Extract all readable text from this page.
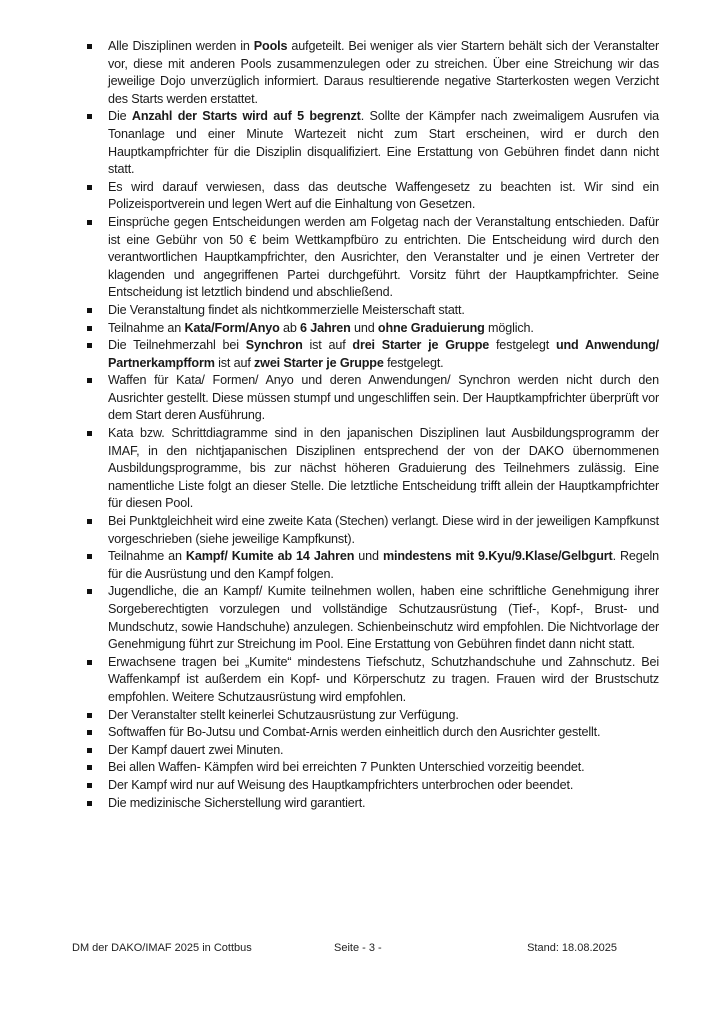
Alle Disziplinen werden in Pools aufgeteilt. Bei weniger als vier Startern behält sich der Veranstalter vor, diese mit anderen Pools zusammenzulegen oder zu streichen. Über eine Streichung wir das jeweilige Dojo unverzüglich informiert. Daraus resultierende negative Starterkosten wegen Verzicht des Starts werden erstattet.
Die Anzahl der Starts wird auf 5 begrenzt. Sollte der Kämpfer nach zweimaligem Ausrufen via Tonanlage und einer Minute Wartezeit nicht zum Start erscheinen, wird er durch den Hauptkampfrichter für die Disziplin disqualifiziert. Eine Erstattung von Gebühren findet dann nicht statt.
Es wird darauf verwiesen, dass das deutsche Waffengesetz zu beachten ist. Wir sind ein Polizeisportverein und legen Wert auf die Einhaltung von Gesetzen.
Einsprüche gegen Entscheidungen werden am Folgetag nach der Veranstaltung entschieden. Dafür ist eine Gebühr von 50 € beim Wettkampfbüro zu entrichten. Die Entscheidung wird durch den verantwortlichen Hauptkampfrichter, den Ausrichter, den Veranstalter und je einen Vertreter der klagenden und angegriffenen Partei durchgeführt. Vorsitz führt der Hauptkampfrichter. Seine Entscheidung ist letztlich bindend und abschließend.
Die Veranstaltung findet als nichtkommerzielle Meisterschaft statt.
Teilnahme an Kata/Form/Anyo ab 6 Jahren und ohne Graduierung möglich.
Die Teilnehmerzahl bei Synchron ist auf drei Starter je Gruppe festgelegt und Anwendung/ Partnerkampfform ist auf zwei Starter je Gruppe festgelegt.
Waffen für Kata/ Formen/ Anyo und deren Anwendungen/ Synchron werden nicht durch den Ausrichter gestellt. Diese müssen stumpf und ungeschliffen sein. Der Hauptkampfrichter überprüft vor dem Start deren Ausführung.
Kata bzw. Schrittdiagramme sind in den japanischen Disziplinen laut Ausbildungsprogramm der IMAF, in den nichtjapanischen Disziplinen entsprechend der von der DAKO übernommenen Ausbildungsprogramme, bis zur nächst höheren Graduierung des Teilnehmers zulässig. Eine namentliche Liste folgt an dieser Stelle. Die letztliche Entscheidung trifft allein der Hauptkampfrichter für diesen Pool.
Bei Punktgleichheit wird eine zweite Kata (Stechen) verlangt. Diese wird in der jeweiligen Kampfkunst vorgeschrieben (siehe jeweilige Kampfkunst).
Teilnahme an Kampf/ Kumite ab 14 Jahren und mindestens mit 9.Kyu/9.Klase/Gelbgurt. Regeln für die Ausrüstung und den Kampf folgen.
Jugendliche, die an Kampf/ Kumite teilnehmen wollen, haben eine schriftliche Genehmigung ihrer Sorgeberechtigten vorzulegen und vollständige Schutzausrüstung (Tief-, Kopf-, Brust- und Mundschutz, sowie Handschuhe) anzulegen. Schienbeinschutz wird empfohlen. Die Nichtvorlage der Genehmigung führt zur Streichung im Pool. Eine Erstattung von Gebühren findet dann nicht statt.
Erwachsene tragen bei „Kumite“ mindestens Tiefschutz, Schutzhandschuhe und Zahnschutz. Bei Waffenkampf ist außerdem ein Kopf- und Körperschutz zu tragen. Frauen wird der Brustschutz empfohlen. Weitere Schutzausrüstung wird empfohlen.
Der Veranstalter stellt keinerlei Schutzausrüstung zur Verfügung.
Softwaffen für Bo-Jutsu und Combat-Arnis werden einheitlich durch den Ausrichter gestellt.
Der Kampf dauert zwei Minuten.
Bei allen Waffen- Kämpfen wird bei erreichten 7 Punkten Unterschied vorzeitig beendet.
Der Kampf wird nur auf Weisung des Hauptkampfrichters unterbrochen oder beendet.
Die medizinische Sicherstellung wird garantiert.
DM der DAKO/IMAF 2025 in Cottbus	Seite - 3 -	Stand: 18.08.2025
